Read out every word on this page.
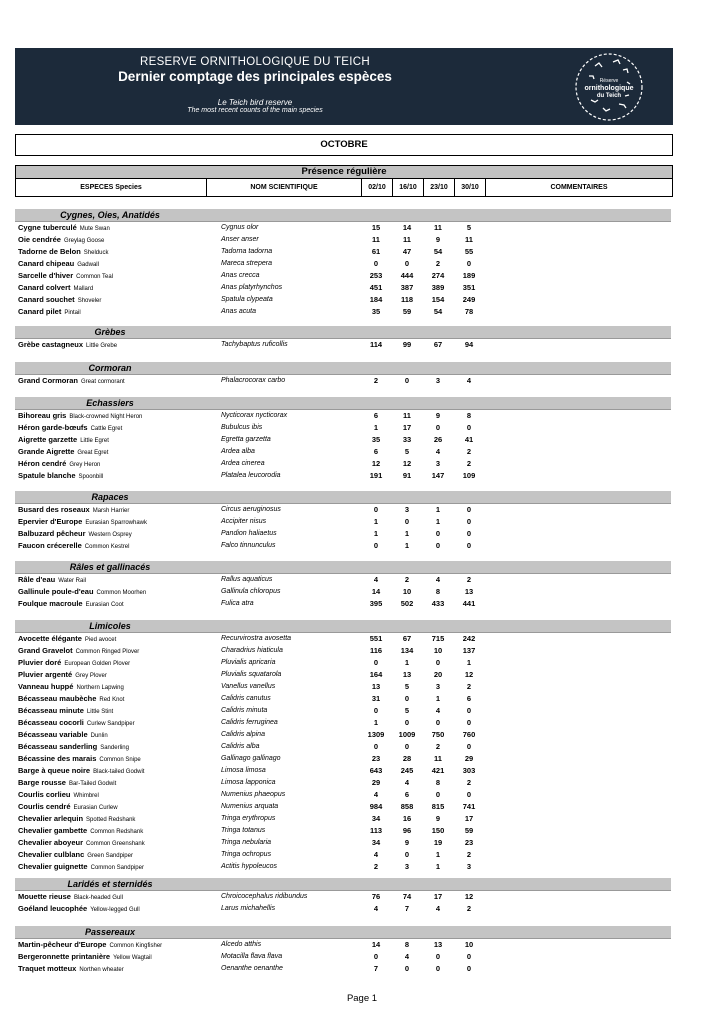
RESERVE ORNITHOLOGIQUE DU TEICH
Dernier comptage des principales espèces
Le Teich bird reserve
The most recent counts of the main species
Réserve
ornithologique
du Teich
OCTOBRE
Présence régulière
ESPECES Species	NOM SCIENTIFIQUE	02/10	16/10	23/10	30/10	COMMENTAIRES
Cygnes, Oies, Anatidés
Cygne tuberculé Mute Swan	Cygnus olor	15	14	11	5
Oie cendrée Greylag Goose	Anser anser	11	11	9	11
Tadorne de Belon Shelduck	Tadorna tadorna	61	47	54	55
Canard chipeau Gadwall	Mareca strepera	0	0	2	0
Sarcelle d'hiver Common Teal	Anas crecca	253	444	274	189
Canard colvert Mallard	Anas platyrhynchos	451	387	389	351
Canard souchet Shoveler	Spatula clypeata	184	118	154	249
Canard pilet Pintail	Anas acuta	35	59	54	78
Grèbes
Grèbe castagneux Little Grebe	Tachybaptus ruficollis	114	99	67	94
Cormoran
Grand Cormoran Great cormorant	Phalacrocorax carbo	2	0	3	4
Echassiers
Bihoreau gris Black-crowned Night Heron	Nycticorax nycticorax	6	11	9	8
Héron garde-bœufs Cattle Egret	Bubulcus ibis	1	17	0	0
Aigrette garzette Little Egret	Egretta garzetta	35	33	26	41
Grande Aigrette Great Egret	Ardea alba	6	5	4	2
Héron cendré Grey Heron	Ardea cinerea	12	12	3	2
Spatule blanche Spoonbill	Platalea leucorodia	191	91	147	109
Rapaces
Busard des roseaux Marsh Harrier	Circus aeruginosus	0	3	1	0
Epervier d'Europe Eurasian Sparrowhawk	Accipiter nisus	1	0	1	0
Balbuzard pêcheur Western Osprey	Pandion haliaetus	1	1	0	0
Faucon crécerelle Common Kestrel	Falco tinnunculus	0	1	0	0
Râles et gallinacés
Râle d'eau Water Rail	Rallus aquaticus	4	2	4	2
Gallinule poule-d'eau Common Moorhen	Gallinula chloropus	14	10	8	13
Foulque macroule Eurasian Coot	Fulica atra	395	502	433	441
Limicoles
Avocette élégante Pied avocet	Recurvirostra avosetta	551	67	715	242
Grand Gravelot Common Ringed Plover	Charadrius hiaticula	116	134	10	137
Pluvier doré European Golden Plover	Pluvialis apricaria	0	1	0	1
Pluvier argenté Grey Plover	Pluvialis squatarola	164	13	20	12
Vanneau huppé Northern Lapwing	Vanellus vanellus	13	5	3	2
Bécasseau maubèche Red Knot	Calidris canutus	31	0	1	6
Bécasseau minute Little Stint	Calidris minuta	0	5	4	0
Bécasseau cocorli Curlew Sandpiper	Calidris ferruginea	1	0	0	0
Bécasseau variable Dunlin	Calidris alpina	1309	1009	750	760
Bécasseau sanderling Sanderling	Calidris alba	0	0	2	0
Bécassine des marais Common Snipe	Gallinago gallinago	23	28	11	29
Barge à queue noire Black-tailed Godwit	Limosa limosa	643	245	421	303
Barge rousse Bar-Tailed Godwit	Limosa lapponica	29	4	8	2
Courlis corlieu Whimbrel	Numenius phaeopus	4	6	0	0
Courlis cendré Eurasian Curlew	Numenius arquata	984	858	815	741
Chevalier arlequin Spotted Redshank	Tringa erythropus	34	16	9	17
Chevalier gambette Common Redshank	Tringa totanus	113	96	150	59
Chevalier aboyeur Common Greenshank	Tringa nebularia	34	9	19	23
Chevalier culblanc Green Sandpiper	Tringa ochropus	4	0	1	2
Chevalier guignette Common Sandpiper	Actitis hypoleucos	2	3	1	3
Laridés et sternidés
Mouette rieuse Black-headed Gull	Chroicocephalus ridibundus	76	74	17	12
Goéland leucophée Yellow-legged Gull	Larus michahellis	4	7	4	2
Passereaux
Martin-pêcheur d'Europe Common Kingfisher	Alcedo atthis	14	8	13	10
Bergeronnette printanière Yellow Wagtail	Motacilla flava flava	0	4	0	0
Traquet motteux Northen wheater	Oenanthe oenanthe	7	0	0	0
Page 1
